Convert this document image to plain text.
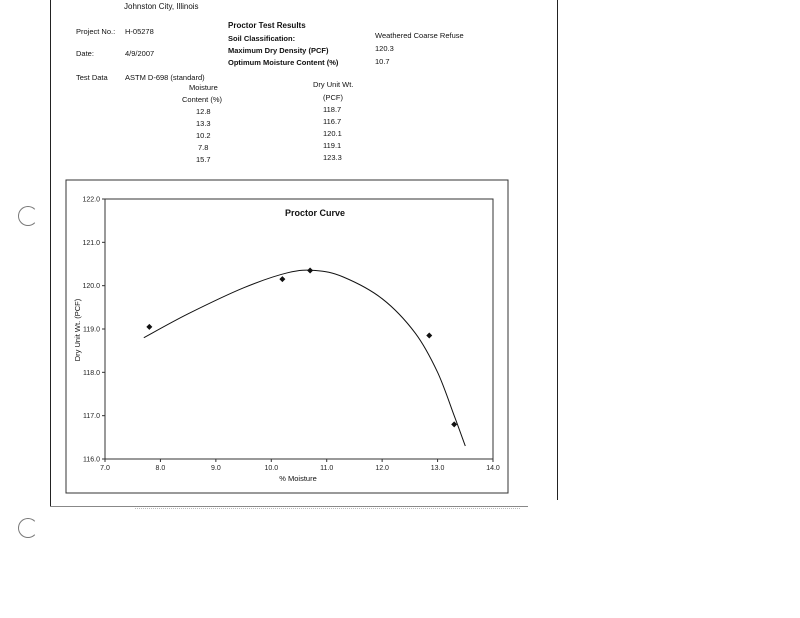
Johnston City, Illinois
Project No.: H-05278
Date:	4/9/2007
Test Data ASTM D-698 (standard)
Proctor Test Results
Soil Classification:	Weathered Coarse Refuse
Maximum Dry Density (PCF)	120.3
Optimum Moisture Content (%)	10.7
Moisture
Content (%)
Dry Unit Wt.
(PCF)
12.8	118.7
13.3	116.7
10.2	120.1
7.8	119.1
15.7	123.3
Proctor Curve
% Moisture
Dry Unit Wt. (PCF)
7.0	8.0	9.0	10.0	11.0	12.0	13.0	14.0
116.0
117.0
118.0
119.0
120.0
121.0
122.0
